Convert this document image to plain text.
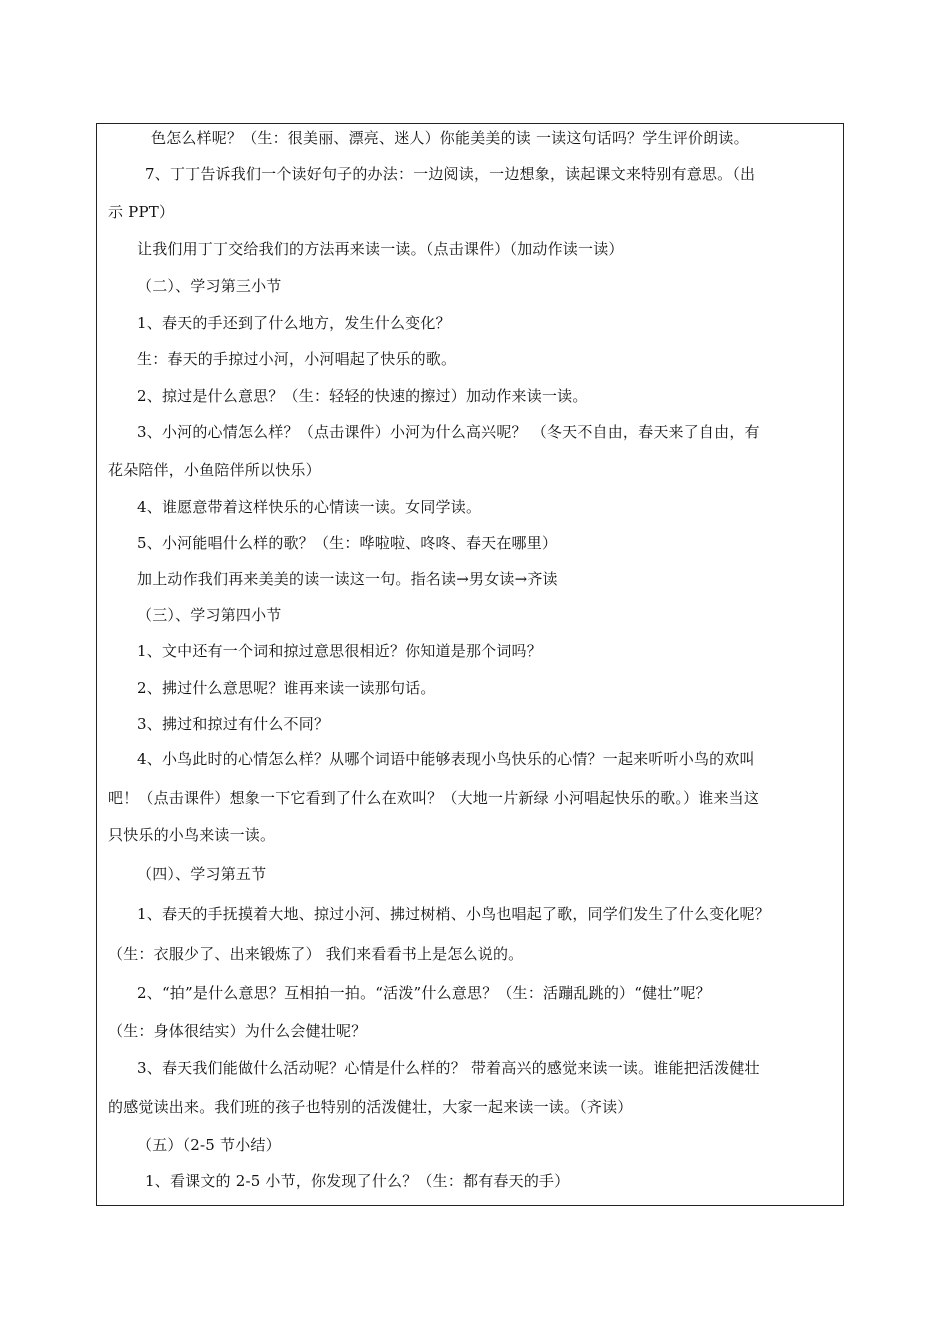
色怎么样呢？（生：很美丽、漂亮、迷人）你能美美的读 一读这句话吗？学生评价朗读。
7、丁丁告诉我们一个读好句子的办法：一边阅读，一边想象，读起课文来特别有意思。（出
示 PPT）
让我们用丁丁交给我们的方法再来读一读。（点击课件）（加动作读一读）
（二）、学习第三小节
1、春天的手还到了什么地方，发生什么变化？
生：春天的手掠过小河，小河唱起了快乐的歌。
2、掠过是什么意思？（生：轻轻的快速的擦过）加动作来读一读。
3、小河的心情怎么样？（点击课件）小河为什么高兴呢？ （冬天不自由，春天来了自由，有
花朵陪伴，小鱼陪伴所以快乐）
4、谁愿意带着这样快乐的心情读一读。女同学读。
5、小河能唱什么样的歌？（生：哗啦啦、咚咚、春天在哪里）
加上动作我们再来美美的读一读这一句。指名读→男女读→齐读
（三）、学习第四小节
1、文中还有一个词和掠过意思很相近？你知道是那个词吗？
2、拂过什么意思呢？谁再来读一读那句话。
3、拂过和掠过有什么不同？
4、小鸟此时的心情怎么样？从哪个词语中能够表现小鸟快乐的心情？一起来听听小鸟的欢叫
吧！（点击课件）想象一下它看到了什么在欢叫？（大地一片新绿 小河唱起快乐的歌。）谁来当这
只快乐的小鸟来读一读。
（四）、学习第五节
1、春天的手抚摸着大地、掠过小河、拂过树梢、小鸟也唱起了歌，同学们发生了什么变化呢？
（生：衣服少了、出来锻炼了） 我们来看看书上是怎么说的。
2、“拍”是什么意思？互相拍一拍。“活泼”什么意思？（生：活蹦乱跳的）“健壮”呢？
（生：身体很结实）为什么会健壮呢？
3、春天我们能做什么活动呢？心情是什么样的？ 带着高兴的感觉来读一读。谁能把活泼健壮
的感觉读出来。我们班的孩子也特别的活泼健壮，大家一起来读一读。（齐读）
（五）（2-5 节小结）
1、看课文的 2-5 小节，你发现了什么？（生：都有春天的手）
